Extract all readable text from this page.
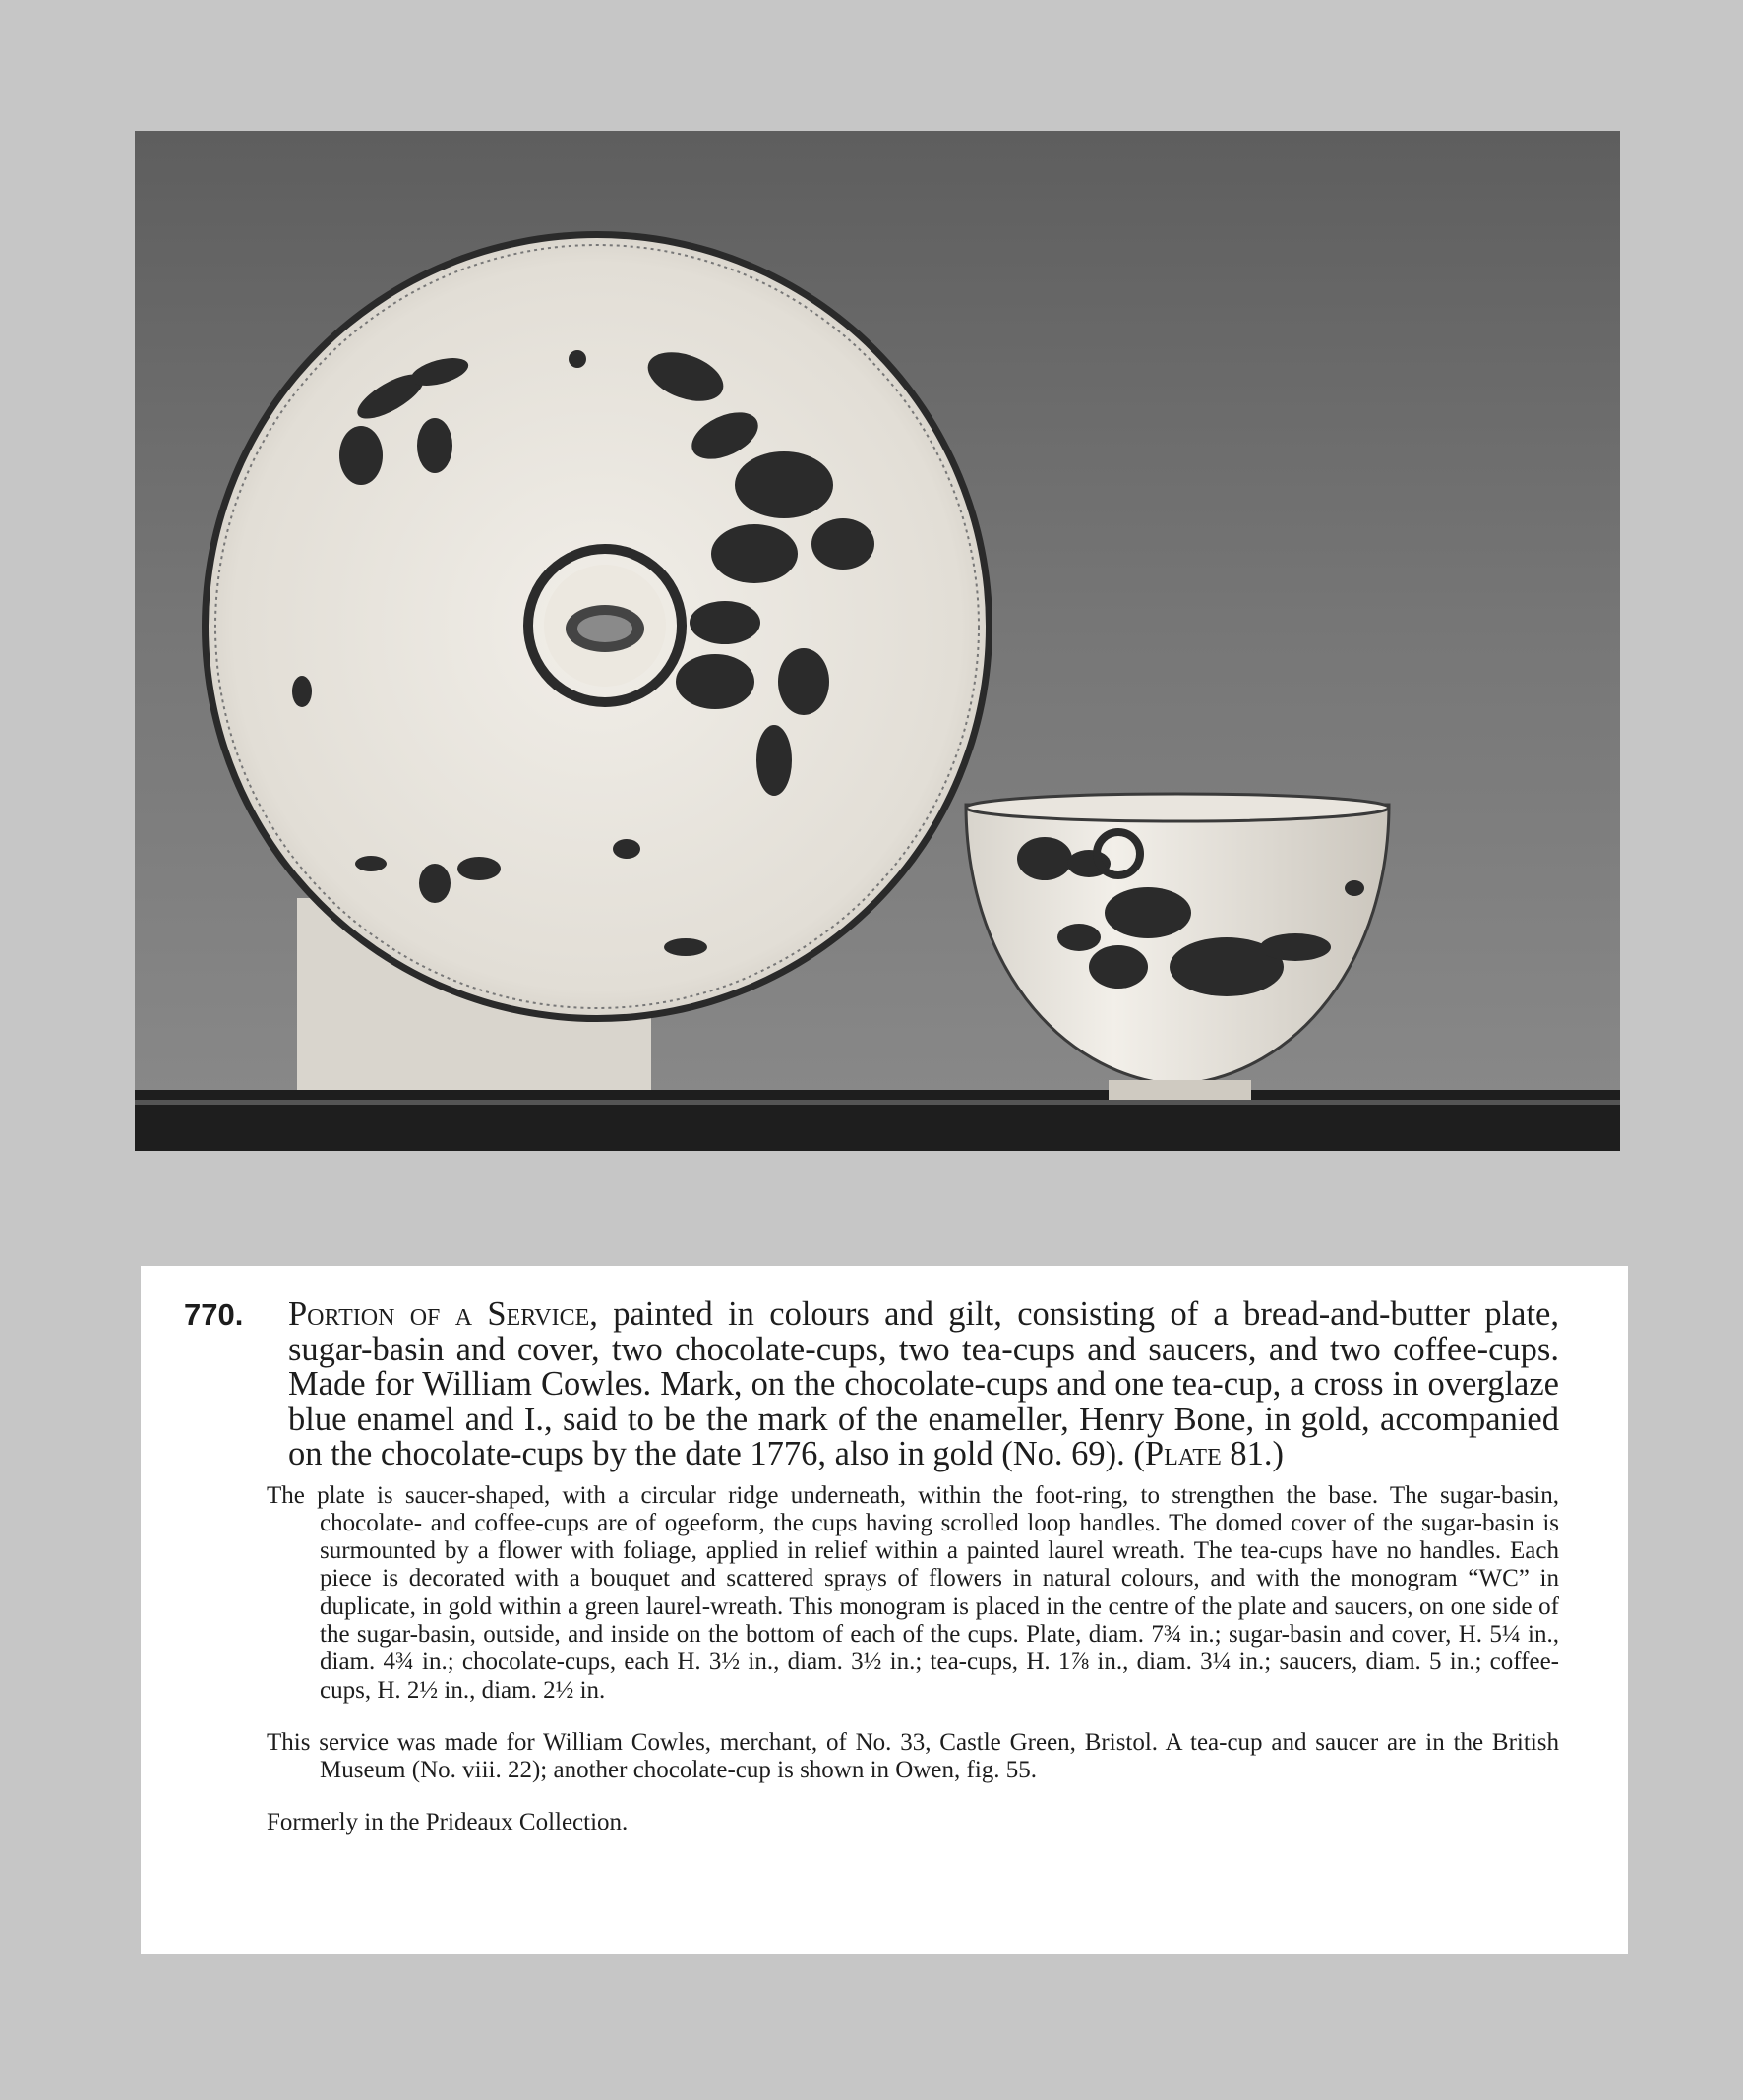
770. Portion of a Service, painted in colours and gilt, consisting of a bread-and-butter plate, sugar-basin and cover, two chocolate-cups, two tea-cups and saucers, and two coffee-cups. Made for William Cowles. Mark, on the chocolate-cups and one tea-cup, a cross in overglaze blue enamel and I., said to be the mark of the enameller, Henry Bone, in gold, accompanied on the chocolate-cups by the date 1776, also in gold (No. 69). (Plate 81.)

The plate is saucer-shaped, with a circular ridge underneath, within the foot-ring, to strengthen the base. The sugar-basin, chocolate- and coffee-cups are of ogeeform, the cups having scrolled loop handles. The domed cover of the sugar-basin is surmounted by a flower with foliage, applied in relief within a painted laurel wreath. The tea-cups have no handles. Each piece is decorated with a bouquet and scattered sprays of flowers in natural colours, and with the monogram “WC” in duplicate, in gold within a green laurel-wreath. This monogram is placed in the centre of the plate and saucers, on one side of the sugar-basin, outside, and inside on the bottom of each of the cups. Plate, diam. 7¾ in.; sugar-basin and cover, H. 5¼ in., diam. 4¾ in.; chocolate-cups, each H. 3½ in., diam. 3½ in.; tea-cups, H. 1⅞ in., diam. 3¼ in.; saucers, diam. 5 in.; coffee-cups, H. 2½ in., diam. 2½ in.

This service was made for William Cowles, merchant, of No. 33, Castle Green, Bristol. A tea-cup and saucer are in the British Museum (No. viii. 22); another chocolate-cup is shown in Owen, fig. 55.

Formerly in the Prideaux Collection.
